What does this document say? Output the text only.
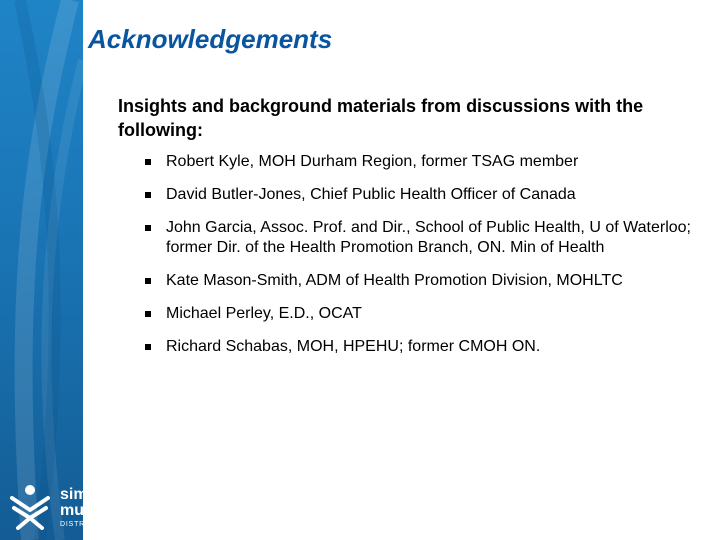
Acknowledgements

Insights and background materials from discussions with the following:

Robert Kyle, MOH Durham Region, former TSAG member
David Butler-Jones, Chief Public Health Officer of Canada
John Garcia, Assoc. Prof. and Dir., School of Public Health, U of Waterloo; former Dir. of the Health Promotion Branch, ON. Min of Health
Kate Mason-Smith, ADM of Health Promotion Division, MOHLTC
Michael Perley, E.D., OCAT
Richard Schabas, MOH, HPEHU; former CMOH ON.
simcoe
muskoka
DISTRICT HEALTH UNIT
